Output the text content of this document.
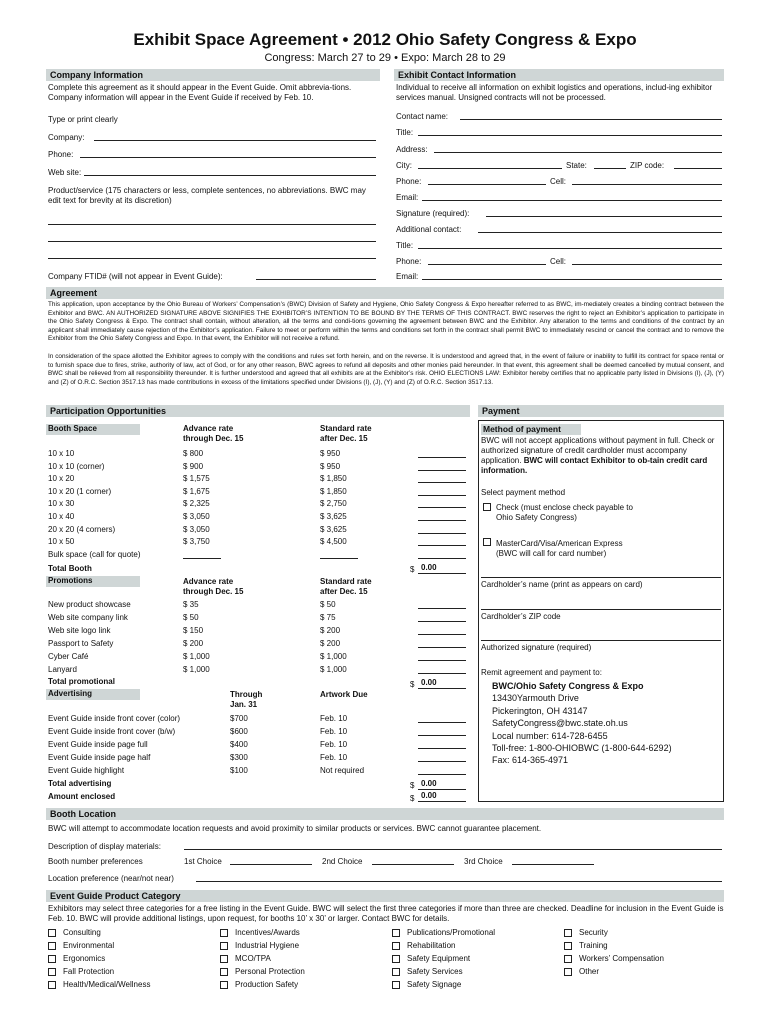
Exhibit Space Agreement • 2012 Ohio Safety Congress & Expo
Congress: March 27 to 29 • Expo: March 28 to 29
Company Information
Complete this agreement as it should appear in the Event Guide. Omit abbrevia-tions. Company information will appear in the Event Guide if received by Feb. 10.
Type or print clearly
Company:
Phone:
Web site:
Product/service (175 characters or less, complete sentences, no abbreviations. BWC may edit text for brevity at its discretion)
Company FTID# (will not appear in Event Guide):
Exhibit Contact Information
Individual to receive all information on exhibit logistics and operations, includ-ing exhibitor services manual. Unsigned contracts will not be processed.
Contact name:
Title:
Address:
City:	State:	ZIP code:
Phone:	Cell:
Email:
Signature (required):
Additional contact:
Title:
Phone:	Cell:
Email:
Agreement
This application, upon acceptance by the Ohio Bureau of Workers’ Compensation’s (BWC) Division of Safety and Hygiene, Ohio Safety Congress & Expo hereafter referred to as BWC, im-mediately creates a binding contract between the Exhibitor and BWC. AN AUTHORIZED SIGNATURE ABOVE SIGNIFIES THE EXHIBITOR’S INTENTION TO BE BOUND BY THE TERMS OF THIS CONTRACT. BWC reserves the right to reject an Exhibitor’s application to participate in the Ohio Safety Congress & Expo. The contract shall contain, without alteration, all the terms and condi-tions governing the agreement between BWC and the Exhibitor. Any alteration to the terms and conditions of the contract by an applicant shall immediately cause rejection of the Exhibitor’s application. Failure to meet or perform within the terms and conditions set forth in the contract shall permit BWC to immediately rescind or cancel the contract and to remove the Exhibitor from the Ohio Safety Congress and Expo. In that event, the Exhibitor will not receive a refund.
In consideration of the space allotted the Exhibitor agrees to comply with the conditions and rules set forth herein, and on the reverse. It is understood and agreed that, in the event of failure or inability to fulfill its contract for space rental or to furnish space due to fires, strike, authority of law, act of God, or for any other reason, BWC agrees to refund all deposits and other monies paid hereunder. In that event, this agreement shall be deemed cancelled by mutual consent, and BWC shall be relieved from all responsibility thereunder. It is further understood and agreed that all exhibits are at the Exhibitor’s risk. OHIO ELECTIONS LAW: Exhibitor hereby certifies that no applicable party listed in Divisions (I), (J), (Y) and (Z) of O.R.C. Section 3517.13 has made contributions in excess of the limitations specified under Divisions (I), (J), (Y) and (Z) of O.R.C. Section 3517.13.
Participation Opportunities	Payment
Booth Space	Advance rate
through Dec. 15
Standard rate
after Dec. 15
10 x 10	$ 800	$ 950
10 x 10 (corner)	$ 900	$ 950
10 x 20	$ 1,575	$ 1,850
10 x 20 (1 corner)	$ 1,675	$ 1,850
10 x 30	$ 2,325	$ 2,750
10 x 40	$ 3,050	$ 3,625
20 x 20 (4 corners)	$ 3,050	$ 3,625
10 x 50	$ 3,750	$ 4,500
Bulk space (call for quote)
Total Booth	$ 0.00
Promotions	Advance rate
through Dec. 15
Standard rate
after Dec. 15
New product showcase	$ 35	$ 50
Web site company link	$ 50	$ 75
Web site logo link	$ 150	$ 200
Passport to Safety	$ 200	$ 200
Cyber Café	$ 1,000	$ 1,000
Lanyard	$ 1,000	$ 1,000
Total promotional	$ 0.00
Advertising	Through
Jan. 31
Artwork Due
Event Guide inside front cover (color)	$700	Feb. 10
Event Guide inside front cover (b/w)	$600	Feb. 10
Event Guide inside page full	$400	Feb. 10
Event Guide inside page half	$300	Feb. 10
Event Guide highlight	$100	Not required
Total advertising	$ 0.00
Amount enclosed	$ 0.00
Method of payment
BWC will not accept applications without payment in full. Check or authorized signature of credit cardholder must accompany application. BWC will contact Exhibitor to ob-tain credit card information.
Select payment method
Check (must enclose check payable to
Ohio Safety Congress)
MasterCard/Visa/American Express
(BWC will call for card number)
Cardholder’s name (print as appears on card)
Cardholder’s ZIP code
Authorized signature (required)
Remit agreement and payment to:
BWC/Ohio Safety Congress & Expo
13430Yarmouth Drive
Pickerington, OH 43147
SafetyCongress@bwc.state.oh.us
Local number: 614-728-6455
Toll-free: 1-800-OHIOBWC (1-800-644-6292)
Fax: 614-365-4971
Booth Location
BWC will attempt to accommodate location requests and avoid proximity to similar products or services. BWC cannot guarantee placement.
Description of display materials:
Booth number preferences	1st Choice	2nd Choice	3rd Choice
Location preference (near/not near)
Event Guide Product Category
Exhibitors may select three categories for a free listing in the Event Guide. BWC will select the first three categories if more than three are checked. Deadline for inclusion in the Event Guide is Feb. 10. BWC will provide additional listings, upon request, for booths 10’ x 30’ or larger. Contact BWC for details.
Consulting
Environmental
Ergonomics
Fall Protection
Health/Medical/Wellness
Incentives/Awards
Industrial Hygiene
MCO/TPA
Personal Protection
Production Safety
Publications/Promotional
Rehabilitation
Safety Equipment
Safety Services
Safety Signage
Security
Training
Workers’ Compensation
Other
